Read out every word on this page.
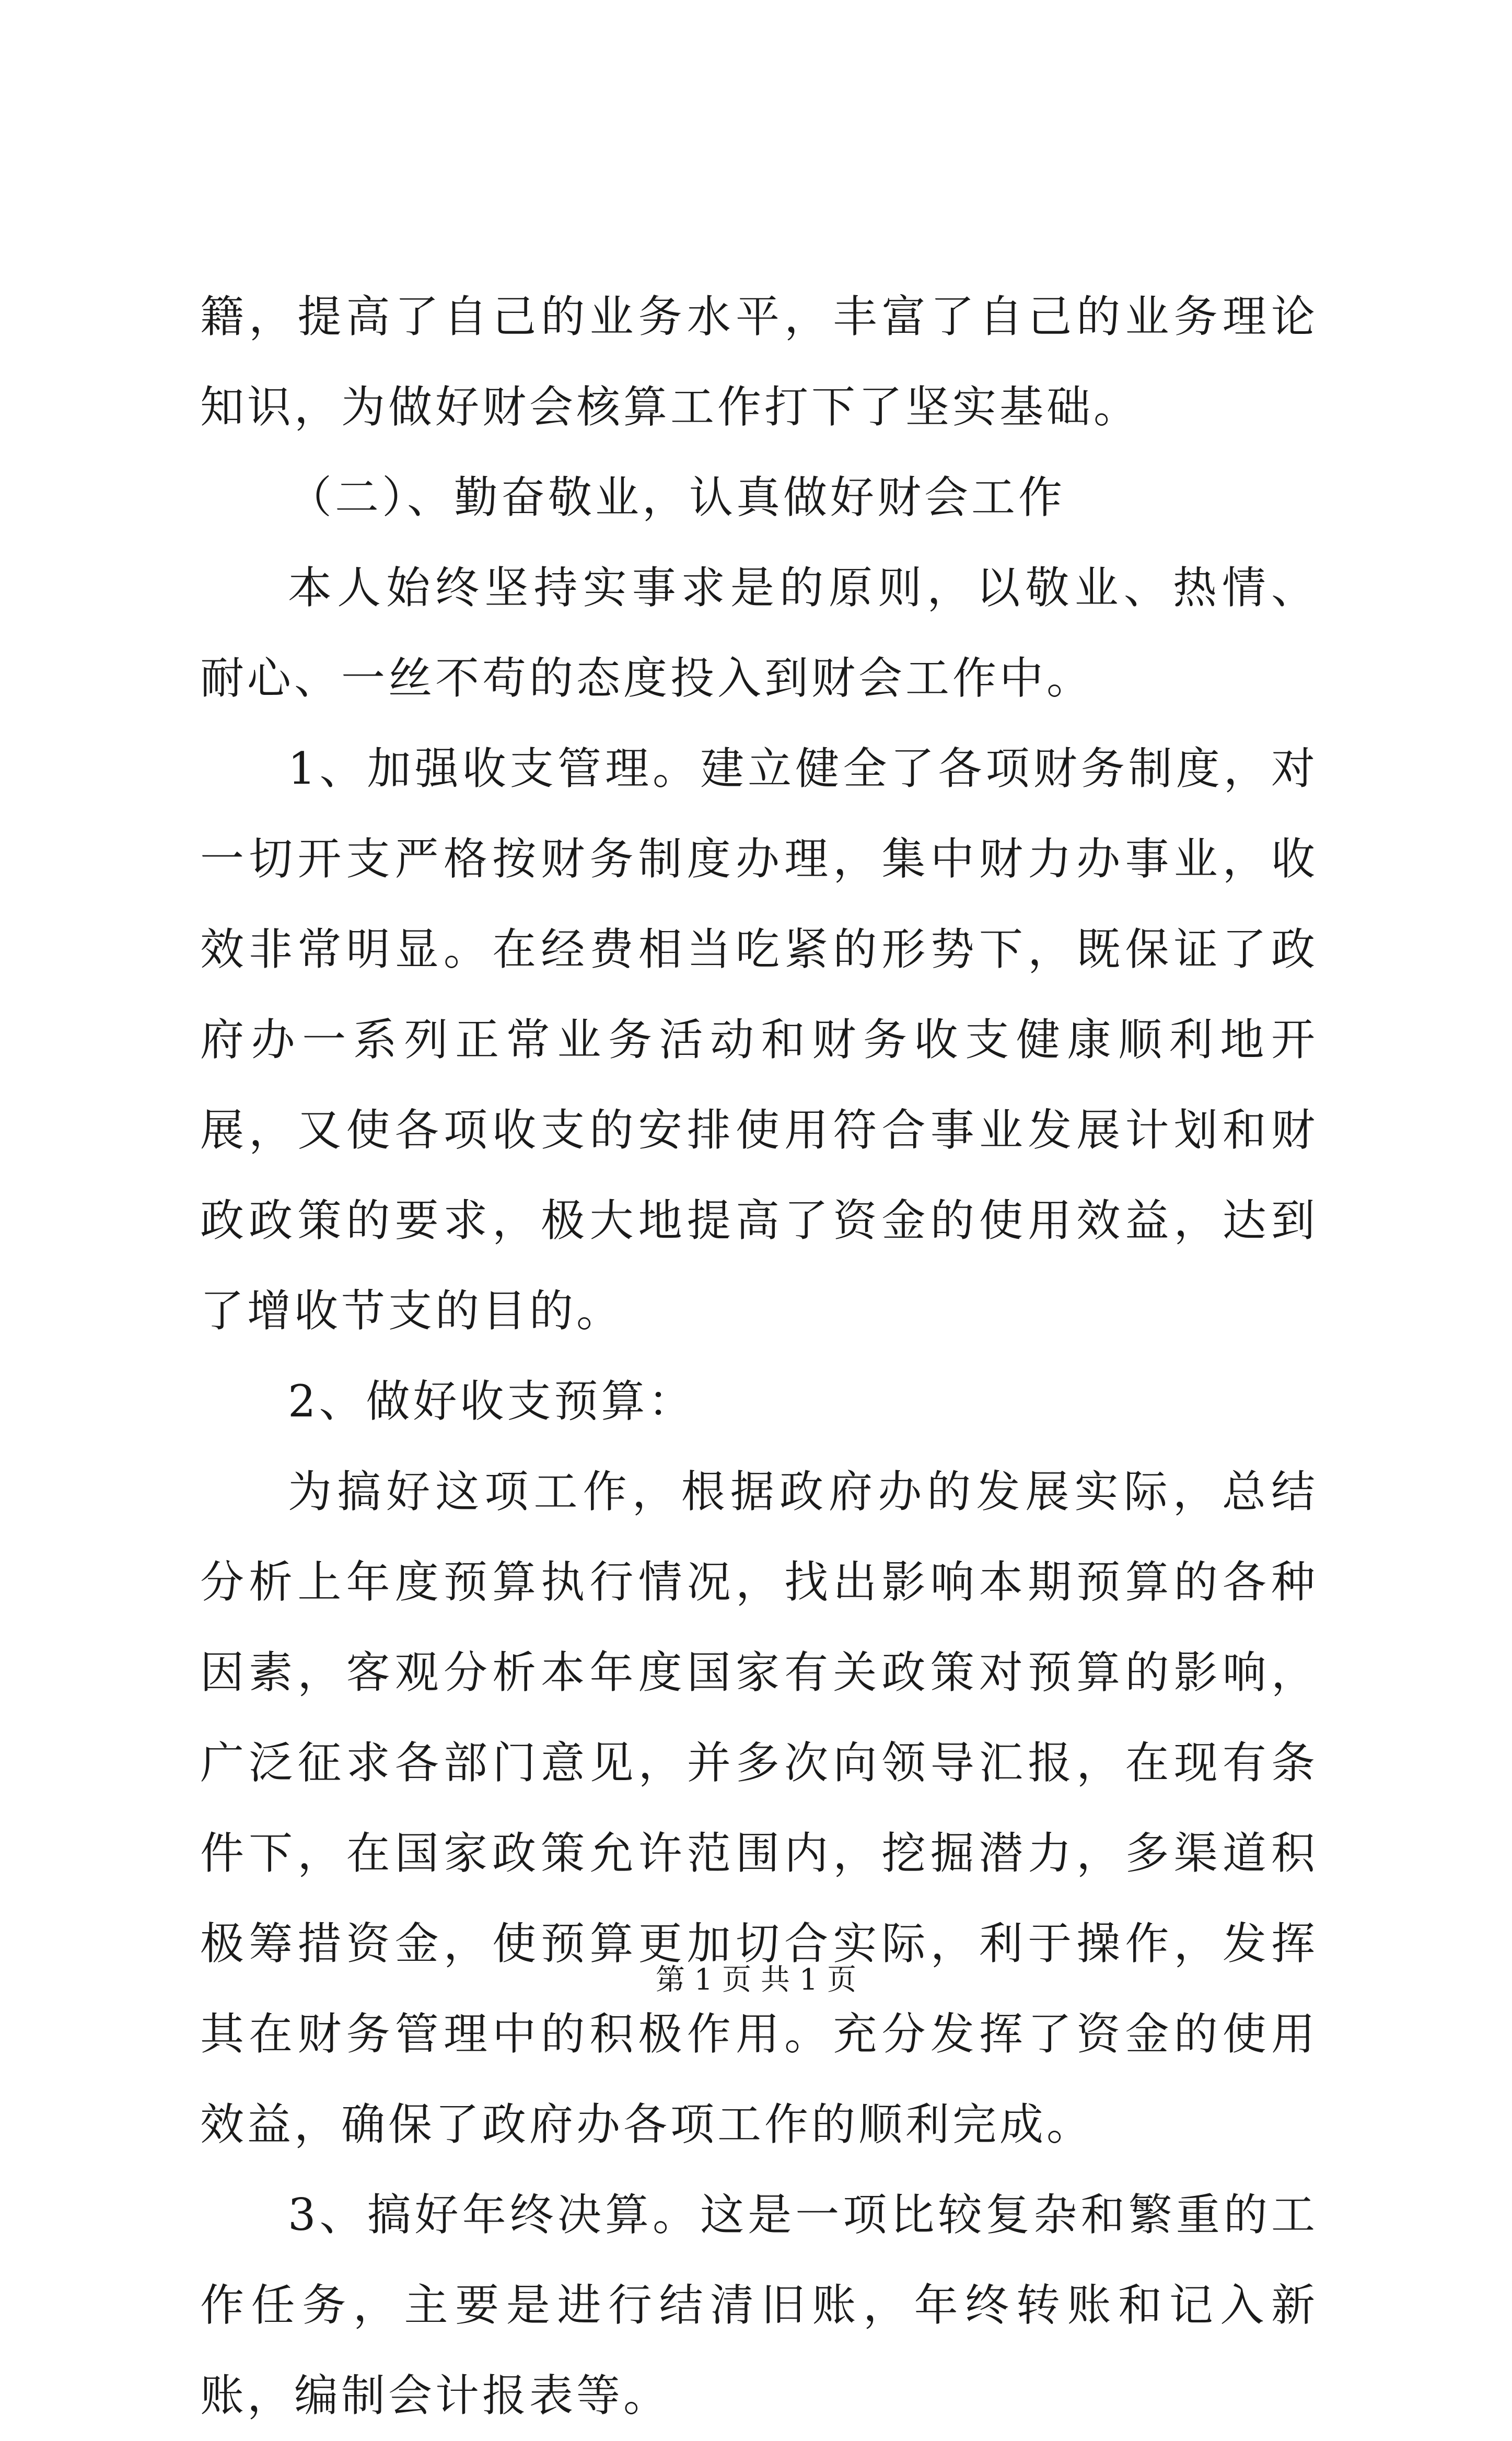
籍，提高了自己的业务水平，丰富了自己的业务理论知识，为做好财会核算工作打下了坚实基础。

（二）、勤奋敬业，认真做好财会工作

本人始终坚持实事求是的原则，以敬业、热情、耐心、一丝不苟的态度投入到财会工作中。

1、加强收支管理。建立健全了各项财务制度，对一切开支严格按财务制度办理，集中财力办事业，收效非常明显。在经费相当吃紧的形势下，既保证了政府办一系列正常业务活动和财务收支健康顺利地开展，又使各项收支的安排使用符合事业发展计划和财政政策的要求，极大地提高了资金的使用效益，达到了增收节支的目的。

2、做好收支预算：

为搞好这项工作，根据政府办的发展实际，总结分析上年度预算执行情况，找出影响本期预算的各种因素，客观分析本年度国家有关政策对预算的影响，广泛征求各部门意见，并多次向领导汇报，在现有条件下，在国家政策允许范围内，挖掘潜力，多渠道积极筹措资金，使预算更加切合实际，利于操作，发挥其在财务管理中的积极作用。充分发挥了资金的使用效益，确保了政府办各项工作的顺利完成。

3、搞好年终决算。这是一项比较复杂和繁重的工作任务，主要是进行结清旧账，年终转账和记入新账，编制会计报表等。

第 1 页 共 1 页
